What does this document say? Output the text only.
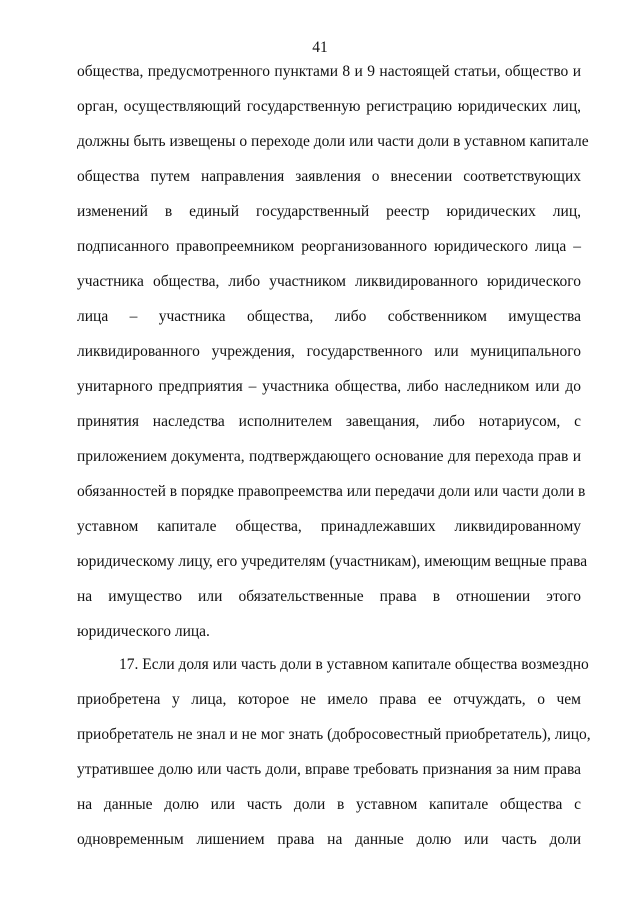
41
общества, предусмотренного пунктами 8 и 9 настоящей статьи, общество и
орган, осуществляющий государственную регистрацию юридических лиц,
должны быть извещены о переходе доли или части доли в уставном капитале
общества путем направления заявления о внесении соответствующих
изменений в единый государственный реестр юридических лиц,
подписанного правопреемником реорганизованного юридического лица –
участника общества, либо участником ликвидированного юридического
лица – участника общества, либо собственником имущества
ликвидированного учреждения, государственного или муниципального
унитарного предприятия – участника общества, либо наследником или до
принятия наследства исполнителем завещания, либо нотариусом, с
приложением документа, подтверждающего основание для перехода прав и
обязанностей в порядке правопреемства или передачи доли или части доли в
уставном капитале общества, принадлежавших ликвидированному
юридическому лицу, его учредителям (участникам), имеющим вещные права
на имущество или обязательственные права в отношении этого
юридического лица.
17. Если доля или часть доли в уставном капитале общества возмездно
приобретена у лица, которое не имело права ее отчуждать, о чем
приобретатель не знал и не мог знать (добросовестный приобретатель), лицо,
утратившее долю или часть доли, вправе требовать признания за ним права
на данные долю или часть доли в уставном капитале общества с
одновременным лишением права на данные долю или часть доли
